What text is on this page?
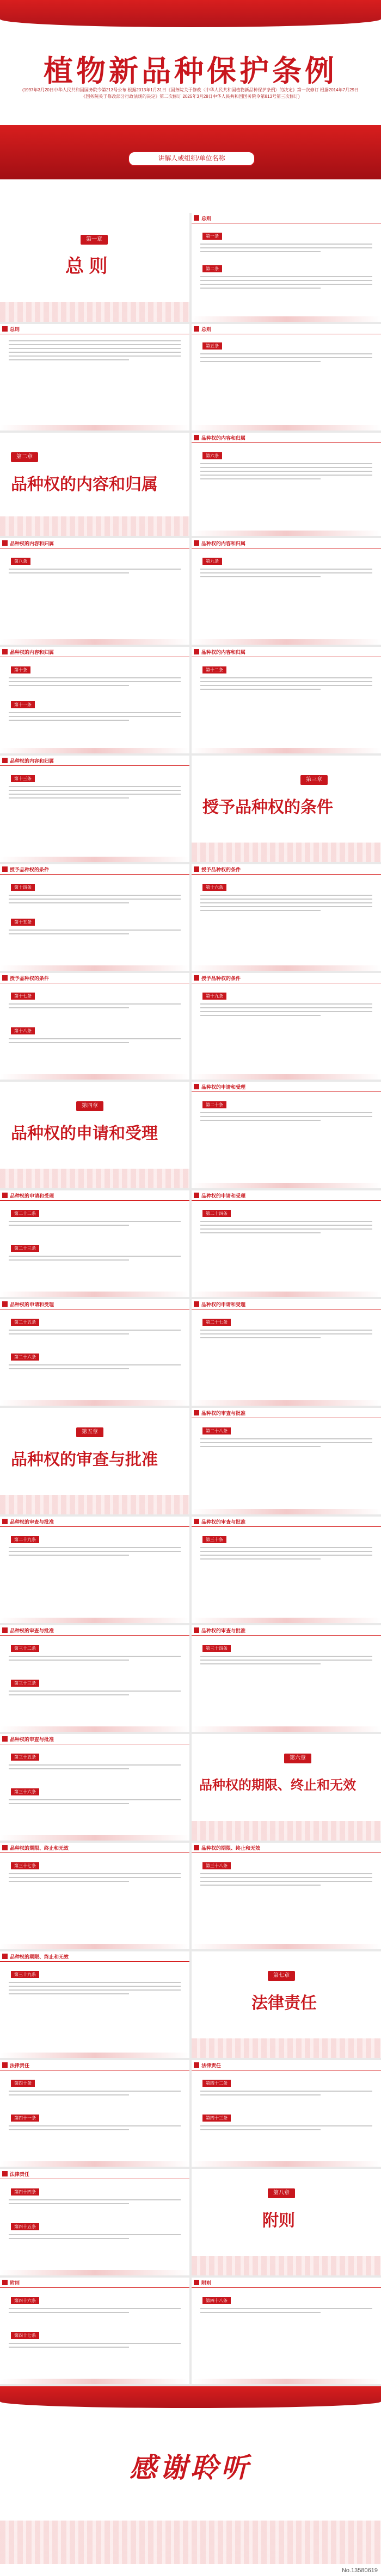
植物新品种保护条例
(1997年3月20日中华人民共和国国务院令第213号公布 根据2013年1月31日《国务院关于修改〈中华人民共和国植物新品种保护条例〉的决定》第一次修订 根据2014年7月29日《国务院关于修改部分行政法规的决定》第二次修订 2025年3月28日中华人民共和国国务院令第813号第三次修订)
讲解人或组织/单位名称
第一章
总 则
总则
第一条
第二条
总则	总则
第五条
第二章
品种权的内容和归属
品种权的内容和归属
第六条
品种权的内容和归属
第八条
品种权的内容和归属
第九条
品种权的内容和归属
第十条
第十一条
品种权的内容和归属
第十二条
品种权的内容和归属
第十三条	第三章
授予品种权的条件
授予品种权的条件
第十四条
第十五条
授予品种权的条件
第十六条
授予品种权的条件
第十七条
第十八条
授予品种权的条件
第十九条
第四章
品种权的申请和受理
品种权的申请和受理
第二十条
品种权的申请和受理
第二十二条
第二十三条
品种权的申请和受理
第二十四条
品种权的申请和受理
第二十五条
第二十六条
品种权的申请和受理
第二十七条
第五章
品种权的审查与批准
品种权的审查与批准
第二十八条
品种权的审查与批准
第二十九条
品种权的审查与批准
第三十条
品种权的审查与批准
第三十二条
第三十三条
品种权的审查与批准
第三十四条
品种权的审查与批准
第三十五条
第三十六条
第六章
品种权的期限、终止和无效
品种权的期限、终止和无效
第三十七条
品种权的期限、终止和无效
第三十八条
品种权的期限、终止和无效
第三十九条	第七章
法律责任
法律责任
第四十条
第四十一条
法律责任
第四十二条
第四十三条
法律责任
第四十四条
第四十五条
第八章
附则
附则
第四十六条
第四十七条
附则
第四十八条
感谢聆听
No.13580619
